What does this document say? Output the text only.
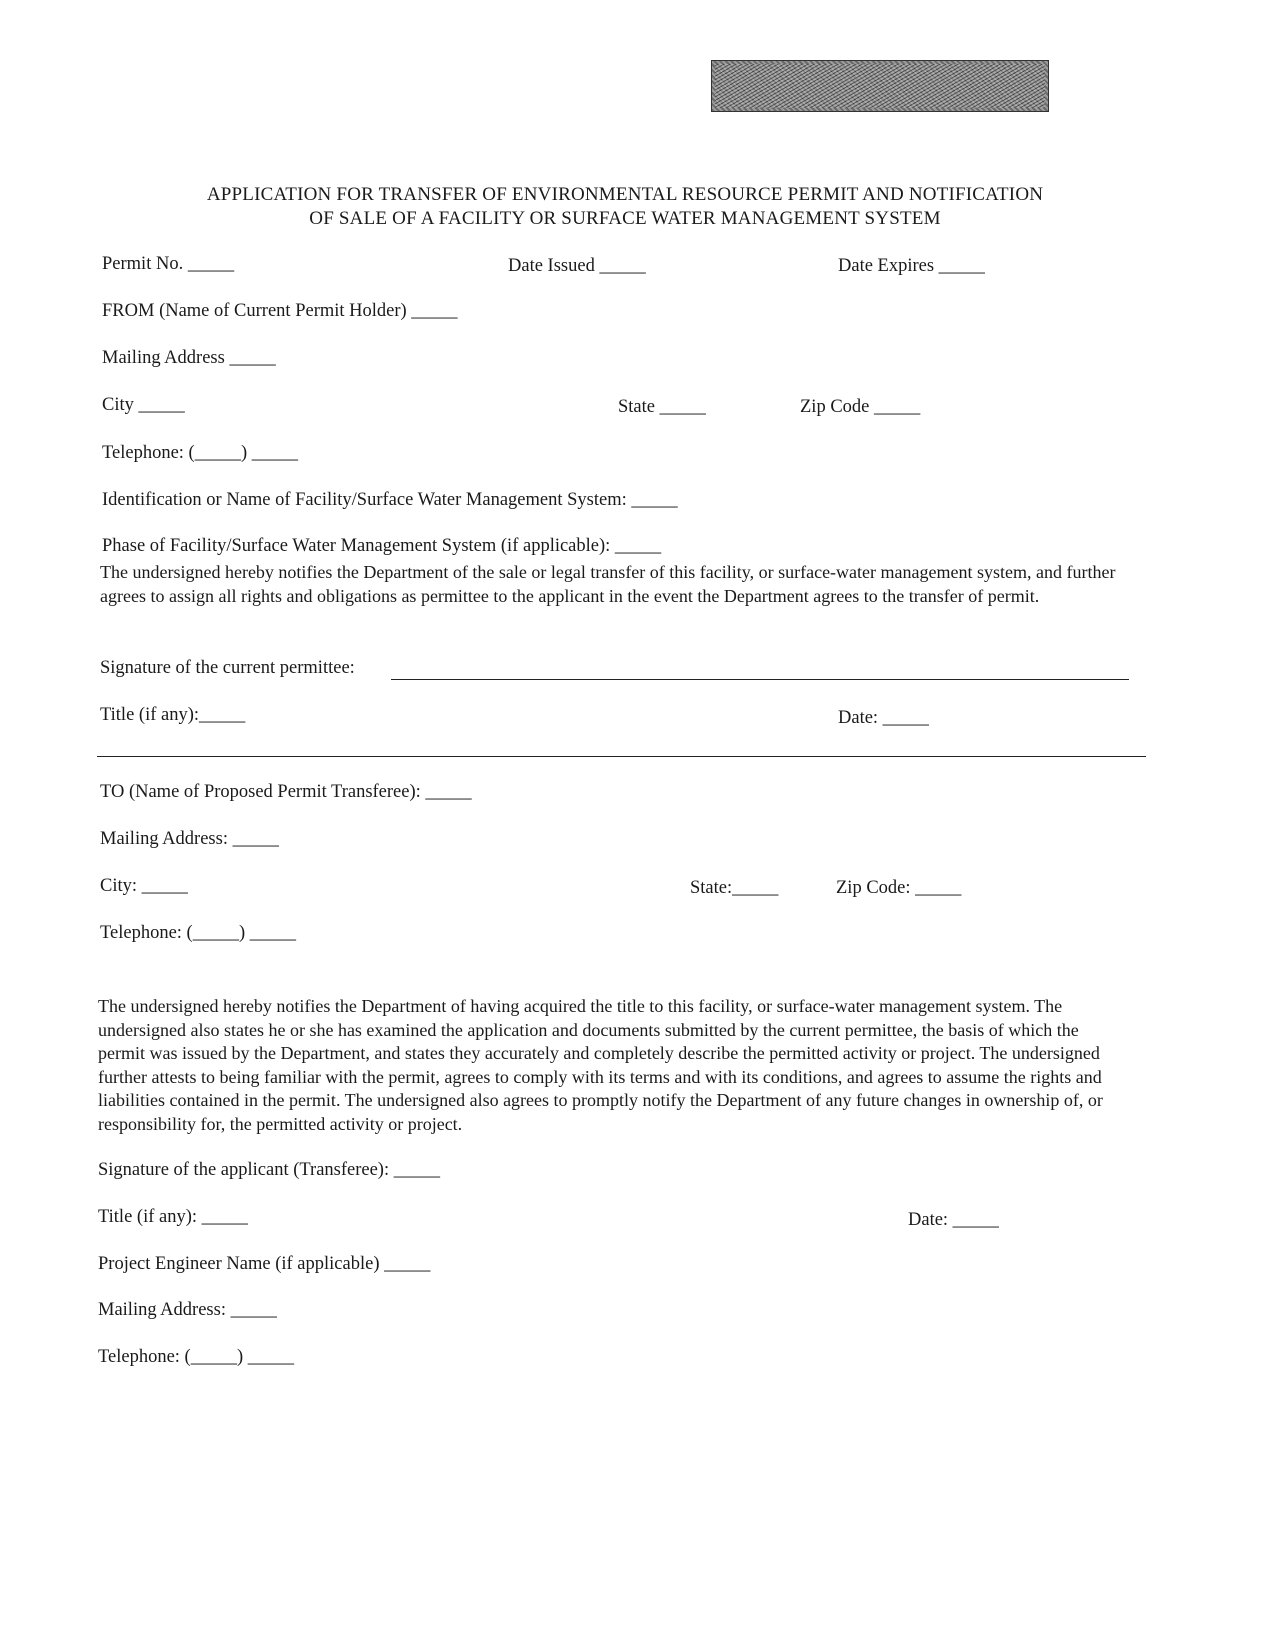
APPLICATION FOR TRANSFER OF ENVIRONMENTAL RESOURCE PERMIT AND NOTIFICATION
OF SALE OF A FACILITY OR SURFACE WATER MANAGEMENT SYSTEM
Permit No. _____	Date Issued _____	Date Expires _____
FROM (Name of Current Permit Holder) _____
Mailing Address _____
City _____	State _____	Zip Code _____
Telephone: (_____) _____
Identification or Name of Facility/Surface Water Management System: _____
Phase of Facility/Surface Water Management System (if applicable): _____
The undersigned hereby notifies the Department of the sale or legal transfer of this facility, or surface-water management system, and further agrees to assign all rights and obligations as permittee to the applicant in the event the Department agrees to the transfer of permit.
Signature of the current permittee:
Title (if any):_____	Date: _____
TO (Name of Proposed Permit Transferee): _____
Mailing Address: _____
City: _____	State:_____	Zip Code: _____
Telephone: (_____) _____
The undersigned hereby notifies the Department of having acquired the title to this facility, or surface-water management system. The undersigned also states he or she has examined the application and documents submitted by the current permittee, the basis of which the permit was issued by the Department, and states they accurately and completely describe the permitted activity or project. The undersigned further attests to being familiar with the permit, agrees to comply with its terms and with its conditions, and agrees to assume the rights and liabilities contained in the permit. The undersigned also agrees to promptly notify the Department of any future changes in ownership of, or responsibility for, the permitted activity or project.
Signature of the applicant (Transferee): _____
Title (if any): _____	Date: _____
Project Engineer Name (if applicable) _____
Mailing Address: _____
Telephone: (_____) _____
